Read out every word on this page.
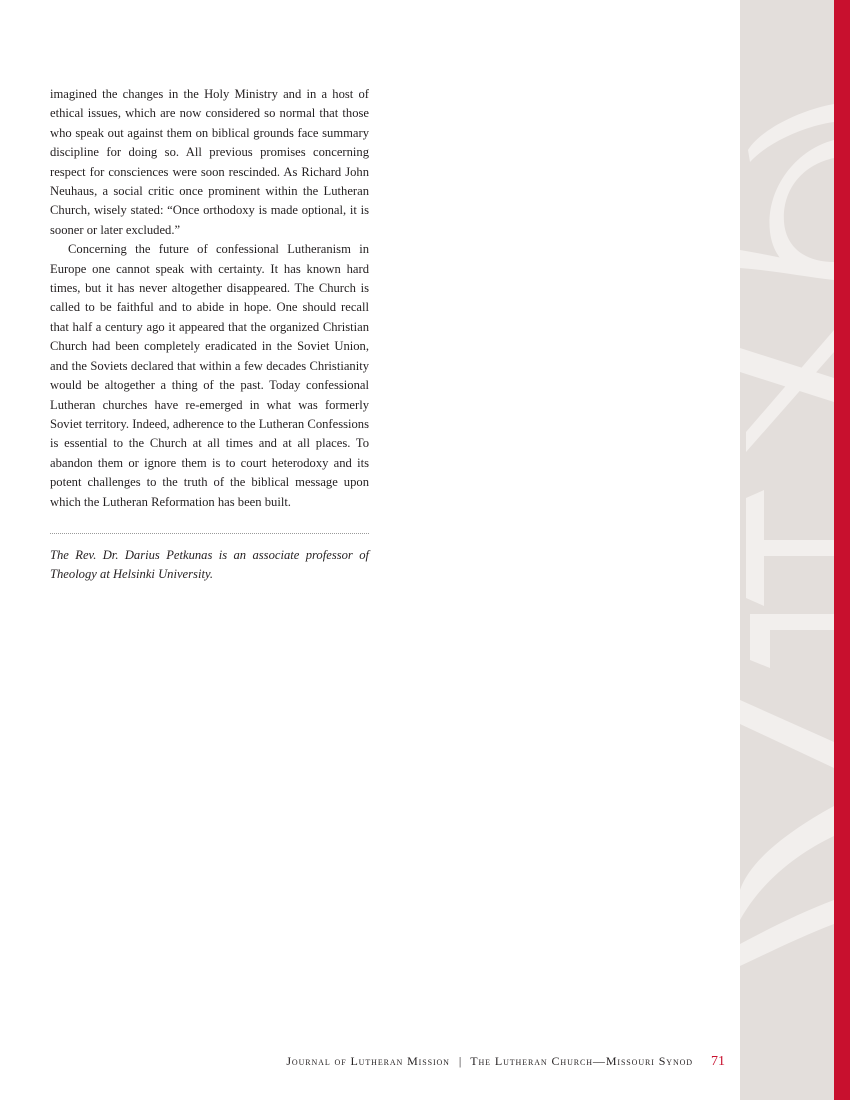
imagined the changes in the Holy Ministry and in a host of ethical issues, which are now considered so normal that those who speak out against them on biblical grounds face summary discipline for doing so. All previous promises concerning respect for consciences were soon rescinded. As Richard John Neuhaus, a social critic once prominent within the Lutheran Church, wisely stated: “Once orthodoxy is made optional, it is sooner or later excluded.”

Concerning the future of confessional Lutheranism in Europe one cannot speak with certainty. It has known hard times, but it has never altogether disappeared. The Church is called to be faithful and to abide in hope. One should recall that half a century ago it appeared that the organized Christian Church had been completely eradicated in the Soviet Union, and the Soviets declared that within a few decades Christianity would be altogether a thing of the past. Today confessional Lutheran churches have re-emerged in what was formerly Soviet territory. Indeed, adherence to the Lutheran Confessions is essential to the Church at all times and at all places. To abandon them or ignore them is to court heterodoxy and its potent challenges to the truth of the biblical message upon which the Lutheran Reformation has been built.

The Rev. Dr. Darius Petkunas is an associate professor of Theology at Helsinki University.

Journal of Lutheran Mission | The Lutheran Church—Missouri Synod 71
